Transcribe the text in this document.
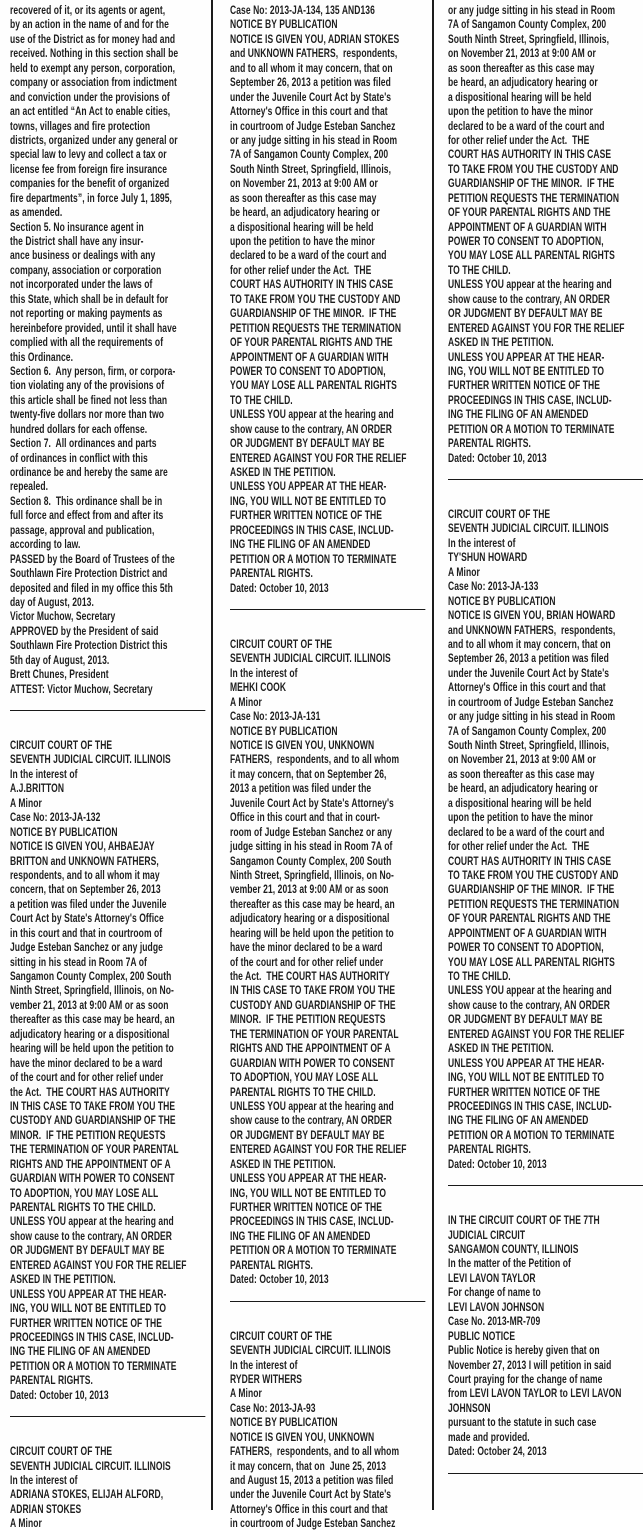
recovered of it, or its agents or agent,
by an action in the name of and for the
use of the District as for money had and
received. Nothing in this section shall be
held to exempt any person, corporation,
company or association from indictment
and conviction under the provisions of
an act entitled “An Act to enable cities,
towns, villages and fire protection
districts, organized under any general or
special law to levy and collect a tax or
license fee from foreign fire insurance
companies for the benefit of organized
fire departments”, in force July 1, 1895,
as amended.
Section 5. No insurance agent in
the District shall have any insur-
ance business or dealings with any
company, association or corporation
not incorporated under the laws of
this State, which shall be in default for
not reporting or making payments as
hereinbefore provided, until it shall have
complied with all the requirements of
this Ordinance.
Section 6.  Any person, firm, or corpora-
tion violating any of the provisions of
this article shall be fined not less than
twenty-five dollars nor more than two
hundred dollars for each offense.
Section 7.  All ordinances and parts
of ordinances in conflict with this
ordinance be and hereby the same are
repealed.
Section 8.  This ordinance shall be in
full force and effect from and after its
passage, approval and publication,
according to law.
PASSED by the Board of Trustees of the
Southlawn Fire Protection District and
deposited and filed in my office this 5th
day of August, 2013.
Victor Muchow, Secretary
APPROVED by the President of said
Southlawn Fire Protection District this
5th day of August, 2013.
Brett Chunes, President
ATTEST: Victor Muchow, Secretary
CIRCUIT COURT OF THE
SEVENTH JUDICIAL CIRCUIT. ILLINOIS
In the interest of
A.J.BRITTON
A Minor
Case No: 2013-JA-132
NOTICE BY PUBLICATION
NOTICE IS GIVEN YOU, AHBAEJAY
BRITTON and UNKNOWN FATHERS,
respondents, and to all whom it may
concern, that on September 26, 2013
a petition was filed under the Juvenile
Court Act by State's Attorney's Office
in this court and that in courtroom of
Judge Esteban Sanchez or any judge
sitting in his stead in Room 7A of
Sangamon County Complex, 200 South
Ninth Street, Springfield, Illinois, on No-
vember 21, 2013 at 9:00 AM or as soon
thereafter as this case may be heard, an
adjudicatory hearing or a dispositional
hearing will be held upon the petition to
have the minor declared to be a ward
of the court and for other relief under
the Act.  THE COURT HAS AUTHORITY
IN THIS CASE TO TAKE FROM YOU THE
CUSTODY AND GUARDIANSHIP OF THE
MINOR.  IF THE PETITION REQUESTS
THE TERMINATION OF YOUR PARENTAL
RIGHTS AND THE APPOINTMENT OF A
GUARDIAN WITH POWER TO CONSENT
TO ADOPTION, YOU MAY LOSE ALL
PARENTAL RIGHTS TO THE CHILD.
UNLESS YOU appear at the hearing and
show cause to the contrary, AN ORDER
OR JUDGMENT BY DEFAULT MAY BE
ENTERED AGAINST YOU FOR THE RELIEF
ASKED IN THE PETITION.
UNLESS YOU APPEAR AT THE HEAR-
ING, YOU WILL NOT BE ENTITLED TO
FURTHER WRITTEN NOTICE OF THE
PROCEEDINGS IN THIS CASE, INCLUD-
ING THE FILING OF AN AMENDED
PETITION OR A MOTION TO TERMINATE
PARENTAL RIGHTS.
Dated: October 10, 2013
CIRCUIT COURT OF THE
SEVENTH JUDICIAL CIRCUIT. ILLINOIS
In the interest of
ADRIANA STOKES, ELIJAH ALFORD,
ADRIAN STOKES
A Minor
Case No: 2013-JA-134, 135 AND136
NOTICE BY PUBLICATION
NOTICE IS GIVEN YOU, ADRIAN STOKES
and UNKNOWN FATHERS,  respondents,
and to all whom it may concern, that on
September 26, 2013 a petition was filed
under the Juvenile Court Act by State's
Attorney's Office in this court and that
in courtroom of Judge Esteban Sanchez
or any judge sitting in his stead in Room
7A of Sangamon County Complex, 200
South Ninth Street, Springfield, Illinois,
on November 21, 2013 at 9:00 AM or
as soon thereafter as this case may
be heard, an adjudicatory hearing or
a dispositional hearing will be held
upon the petition to have the minor
declared to be a ward of the court and
for other relief under the Act.  THE
COURT HAS AUTHORITY IN THIS CASE
TO TAKE FROM YOU THE CUSTODY AND
GUARDIANSHIP OF THE MINOR.  IF THE
PETITION REQUESTS THE TERMINATION
OF YOUR PARENTAL RIGHTS AND THE
APPOINTMENT OF A GUARDIAN WITH
POWER TO CONSENT TO ADOPTION,
YOU MAY LOSE ALL PARENTAL RIGHTS
TO THE CHILD.
UNLESS YOU appear at the hearing and
show cause to the contrary, AN ORDER
OR JUDGMENT BY DEFAULT MAY BE
ENTERED AGAINST YOU FOR THE RELIEF
ASKED IN THE PETITION.
UNLESS YOU APPEAR AT THE HEAR-
ING, YOU WILL NOT BE ENTITLED TO
FURTHER WRITTEN NOTICE OF THE
PROCEEDINGS IN THIS CASE, INCLUD-
ING THE FILING OF AN AMENDED
PETITION OR A MOTION TO TERMINATE
PARENTAL RIGHTS.
Dated: October 10, 2013
CIRCUIT COURT OF THE
SEVENTH JUDICIAL CIRCUIT. ILLINOIS
In the interest of
MEHKI COOK
A Minor
Case No: 2013-JA-131
NOTICE BY PUBLICATION
NOTICE IS GIVEN YOU, UNKNOWN
FATHERS,  respondents, and to all whom
it may concern, that on September 26,
2013 a petition was filed under the
Juvenile Court Act by State's Attorney's
Office in this court and that in court-
room of Judge Esteban Sanchez or any
judge sitting in his stead in Room 7A of
Sangamon County Complex, 200 South
Ninth Street, Springfield, Illinois, on No-
vember 21, 2013 at 9:00 AM or as soon
thereafter as this case may be heard, an
adjudicatory hearing or a dispositional
hearing will be held upon the petition to
have the minor declared to be a ward
of the court and for other relief under
the Act.  THE COURT HAS AUTHORITY
IN THIS CASE TO TAKE FROM YOU THE
CUSTODY AND GUARDIANSHIP OF THE
MINOR.  IF THE PETITION REQUESTS
THE TERMINATION OF YOUR PARENTAL
RIGHTS AND THE APPOINTMENT OF A
GUARDIAN WITH POWER TO CONSENT
TO ADOPTION, YOU MAY LOSE ALL
PARENTAL RIGHTS TO THE CHILD.
UNLESS YOU appear at the hearing and
show cause to the contrary, AN ORDER
OR JUDGMENT BY DEFAULT MAY BE
ENTERED AGAINST YOU FOR THE RELIEF
ASKED IN THE PETITION.
UNLESS YOU APPEAR AT THE HEAR-
ING, YOU WILL NOT BE ENTITLED TO
FURTHER WRITTEN NOTICE OF THE
PROCEEDINGS IN THIS CASE, INCLUD-
ING THE FILING OF AN AMENDED
PETITION OR A MOTION TO TERMINATE
PARENTAL RIGHTS.
Dated: October 10, 2013
CIRCUIT COURT OF THE
SEVENTH JUDICIAL CIRCUIT. ILLINOIS
In the interest of
RYDER WITHERS
A Minor
Case No: 2013-JA-93
NOTICE BY PUBLICATION
NOTICE IS GIVEN YOU, UNKNOWN
FATHERS,  respondents, and to all whom
it may concern, that on  June 25, 2013
and August 15, 2013 a petition was filed
under the Juvenile Court Act by State's
Attorney's Office in this court and that
in courtroom of Judge Esteban Sanchez
or any judge sitting in his stead in Room
7A of Sangamon County Complex, 200
South Ninth Street, Springfield, Illinois,
on November 21, 2013 at 9:00 AM or
as soon thereafter as this case may
be heard, an adjudicatory hearing or
a dispositional hearing will be held
upon the petition to have the minor
declared to be a ward of the court and
for other relief under the Act.  THE
COURT HAS AUTHORITY IN THIS CASE
TO TAKE FROM YOU THE CUSTODY AND
GUARDIANSHIP OF THE MINOR.  IF THE
PETITION REQUESTS THE TERMINATION
OF YOUR PARENTAL RIGHTS AND THE
APPOINTMENT OF A GUARDIAN WITH
POWER TO CONSENT TO ADOPTION,
YOU MAY LOSE ALL PARENTAL RIGHTS
TO THE CHILD.
UNLESS YOU appear at the hearing and
show cause to the contrary, AN ORDER
OR JUDGMENT BY DEFAULT MAY BE
ENTERED AGAINST YOU FOR THE RELIEF
ASKED IN THE PETITION.
UNLESS YOU APPEAR AT THE HEAR-
ING, YOU WILL NOT BE ENTITLED TO
FURTHER WRITTEN NOTICE OF THE
PROCEEDINGS IN THIS CASE, INCLUD-
ING THE FILING OF AN AMENDED
PETITION OR A MOTION TO TERMINATE
PARENTAL RIGHTS.
Dated: October 10, 2013
CIRCUIT COURT OF THE
SEVENTH JUDICIAL CIRCUIT. ILLINOIS
In the interest of
TY'SHUN HOWARD
A Minor
Case No: 2013-JA-133
NOTICE BY PUBLICATION
NOTICE IS GIVEN YOU, BRIAN HOWARD
and UNKNOWN FATHERS,  respondents,
and to all whom it may concern, that on
September 26, 2013 a petition was filed
under the Juvenile Court Act by State's
Attorney's Office in this court and that
in courtroom of Judge Esteban Sanchez
or any judge sitting in his stead in Room
7A of Sangamon County Complex, 200
South Ninth Street, Springfield, Illinois,
on November 21, 2013 at 9:00 AM or
as soon thereafter as this case may
be heard, an adjudicatory hearing or
a dispositional hearing will be held
upon the petition to have the minor
declared to be a ward of the court and
for other relief under the Act.  THE
COURT HAS AUTHORITY IN THIS CASE
TO TAKE FROM YOU THE CUSTODY AND
GUARDIANSHIP OF THE MINOR.  IF THE
PETITION REQUESTS THE TERMINATION
OF YOUR PARENTAL RIGHTS AND THE
APPOINTMENT OF A GUARDIAN WITH
POWER TO CONSENT TO ADOPTION,
YOU MAY LOSE ALL PARENTAL RIGHTS
TO THE CHILD.
UNLESS YOU appear at the hearing and
show cause to the contrary, AN ORDER
OR JUDGMENT BY DEFAULT MAY BE
ENTERED AGAINST YOU FOR THE RELIEF
ASKED IN THE PETITION.
UNLESS YOU APPEAR AT THE HEAR-
ING, YOU WILL NOT BE ENTITLED TO
FURTHER WRITTEN NOTICE OF THE
PROCEEDINGS IN THIS CASE, INCLUD-
ING THE FILING OF AN AMENDED
PETITION OR A MOTION TO TERMINATE
PARENTAL RIGHTS.
Dated: October 10, 2013
IN THE CIRCUIT COURT OF THE 7TH
JUDICIAL CIRCUIT
SANGAMON COUNTY, ILLINOIS
In the matter of the Petition of
LEVI LAVON TAYLOR
For change of name to
LEVI LAVON JOHNSON
Case No. 2013-MR-709
PUBLIC NOTICE
Public Notice is hereby given that on
November 27, 2013 I will petition in said
Court praying for the change of name
from LEVI LAVON TAYLOR to LEVI LAVON
JOHNSON
pursuant to the statute in such case
made and provided.
Dated: October 24, 2013
